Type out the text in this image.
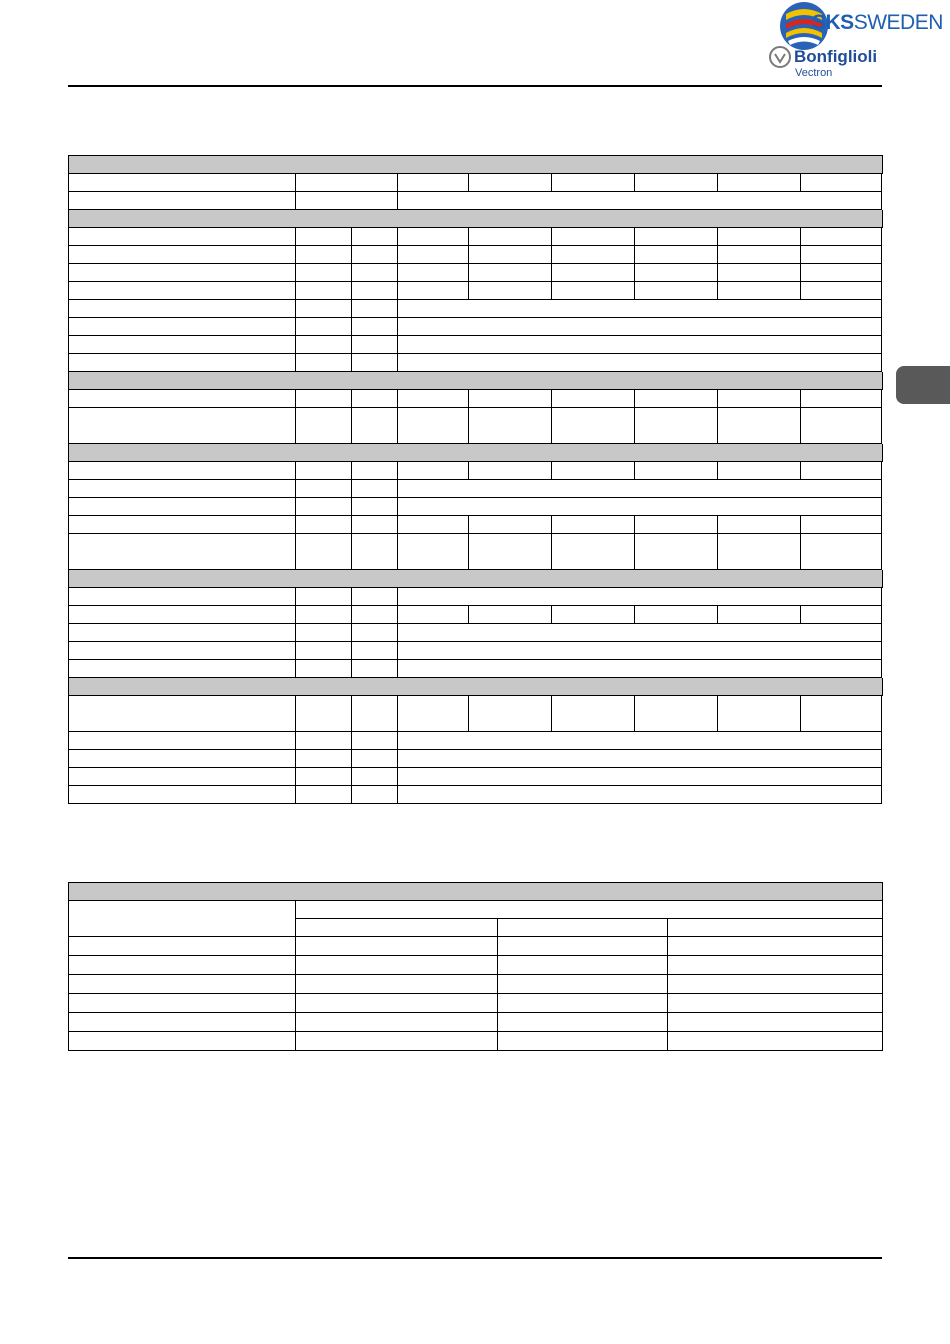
SKSSWEDEN
Bonfiglioli
Vectron
